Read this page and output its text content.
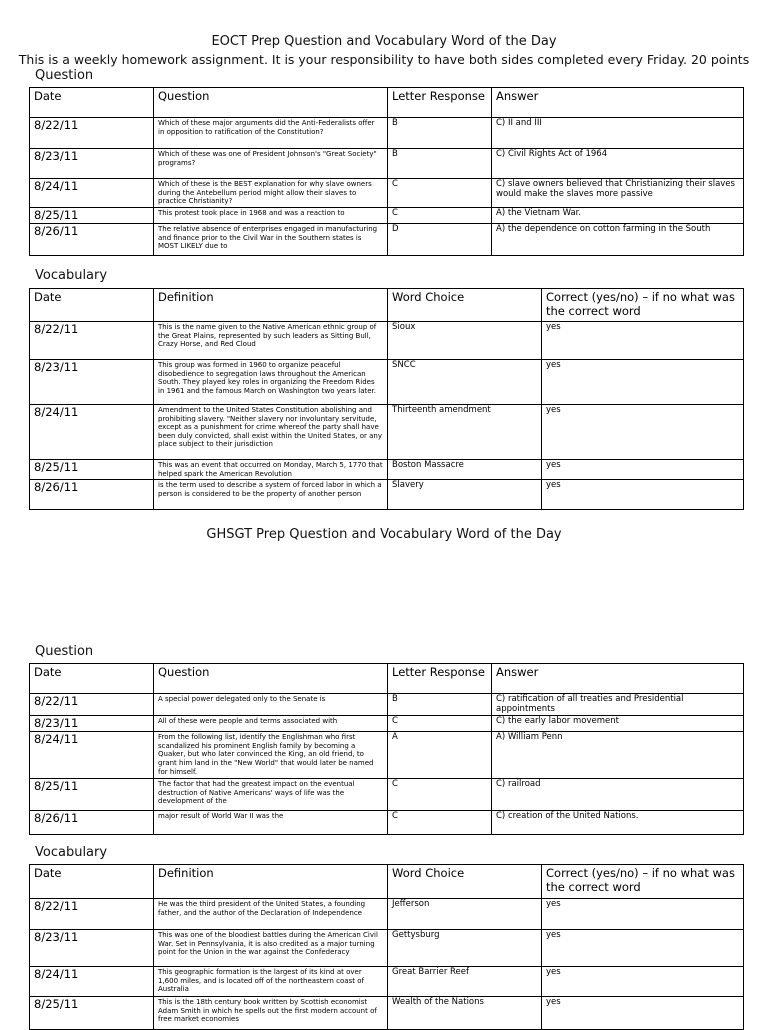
EOCT Prep Question and Vocabulary Word of the Day
This is a weekly homework assignment. It is your responsibility to have both sides completed every Friday. 20 points
Question
Date	Question	Letter Response	Answer
8/22/11	Which of these major arguments did the Anti-Federalists offer in opposition to ratification of the Constitution?	B	C) II and III
8/23/11	Which of these was one of President Johnson's "Great Society" programs?	B	C) Civil Rights Act of 1964
8/24/11	Which of these is the BEST explanation for why slave owners during the Antebellum period might allow their slaves to practice Christianity?	C	C) slave owners believed that Christianizing their slaves would make the slaves more passive
8/25/11	This protest took place in 1968 and was a reaction to	C	A) the Vietnam War.
8/26/11	The relative absence of enterprises engaged in manufacturing and finance prior to the Civil War in the Southern states is MOST LIKELY due to	D	A) the dependence on cotton farming in the South
Vocabulary
Date	Definition	Word Choice	Correct (yes/no) – if no what was the correct word
8/22/11	This is the name given to the Native American ethnic group of the Great Plains, represented by such leaders as Sitting Bull, Crazy Horse, and Red Cloud	Sioux	yes
8/23/11	This group was formed in 1960 to organize peaceful disobedience to segregation laws throughout the American South. They played key roles in organizing the Freedom Rides in 1961 and the famous March on Washington two years later.	SNCC	yes
8/24/11	Amendment to the United States Constitution abolishing and prohibiting slavery. "Neither slavery nor involuntary servitude, except as a punishment for crime whereof the party shall have been duly convicted, shall exist within the United States, or any place subject to their jurisdiction	Thirteenth amendment	yes
8/25/11	This was an event that occurred on Monday, March 5, 1770 that helped spark the American Revolution	Boston Massacre	yes
8/26/11	is the term used to describe a system of forced labor in which a person is considered to be the property of another person	Slavery	yes
GHSGT Prep Question and Vocabulary Word of the Day
Question
Date	Question	Letter Response	Answer
8/22/11	A special power delegated only to the Senate is	B	C) ratification of all treaties and Presidential appointments
8/23/11	All of these were people and terms associated with	C	C) the early labor movement
8/24/11	From the following list, identify the Englishman who first scandalized his prominent English family by becoming a Quaker, but who later convinced the King, an old friend, to grant him land in the "New World" that would later be named for himself.	A	A) William Penn
8/25/11	The factor that had the greatest impact on the eventual destruction of Native Americans' ways of life was the development of the	C	C) railroad
8/26/11	major result of World War II was the	C	C) creation of the United Nations.
Vocabulary
Date	Definition	Word Choice	Correct (yes/no) – if no what was the correct word
8/22/11	He was the third president of the United States, a founding father, and the author of the Declaration of Independence	Jefferson	yes
8/23/11	This was one of the bloodiest battles during the American Civil War. Set in Pennsylvania, it is also credited as a major turning point for the Union in the war against the Confederacy	Gettysburg	yes
8/24/11	This geographic formation is the largest of its kind at over 1,600 miles, and is located off of the northeastern coast of Australia	Great Barrier Reef	yes
8/25/11	This is the 18th century book written by Scottish economist Adam Smith in which he spells out the first modern account of free market economies	Wealth of the Nations	yes
